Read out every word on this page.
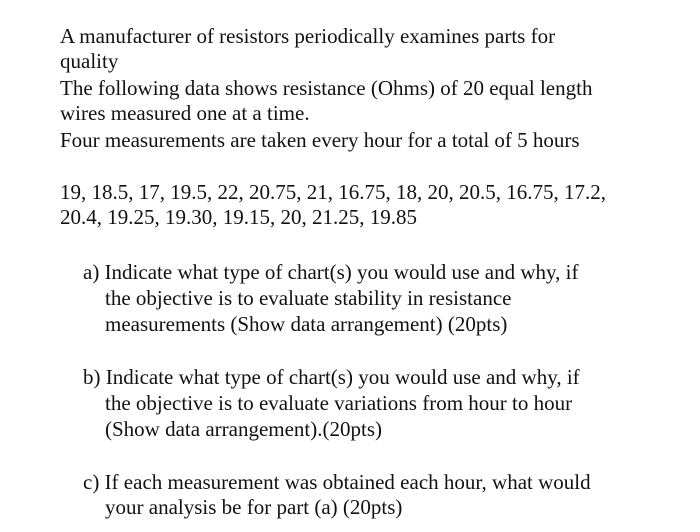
A manufacturer of resistors periodically examines parts for
quality
The following data shows resistance (Ohms) of 20 equal length
wires measured one at a time.
Four measurements are taken every hour for a total of 5 hours
19, 18.5, 17, 19.5, 22, 20.75, 21, 16.75, 18, 20, 20.5, 16.75, 17.2,
20.4, 19.25, 19.30, 19.15, 20, 21.25, 19.85
a) Indicate what type of chart(s) you would use and why, if
the objective is to evaluate stability in resistance
measurements (Show data arrangement) (20pts)
b) Indicate what type of chart(s) you would use and why, if
the objective is to evaluate variations from hour to hour
(Show data arrangement).(20pts)
c) If each measurement was obtained each hour, what would
your analysis be for part (a) (20pts)
